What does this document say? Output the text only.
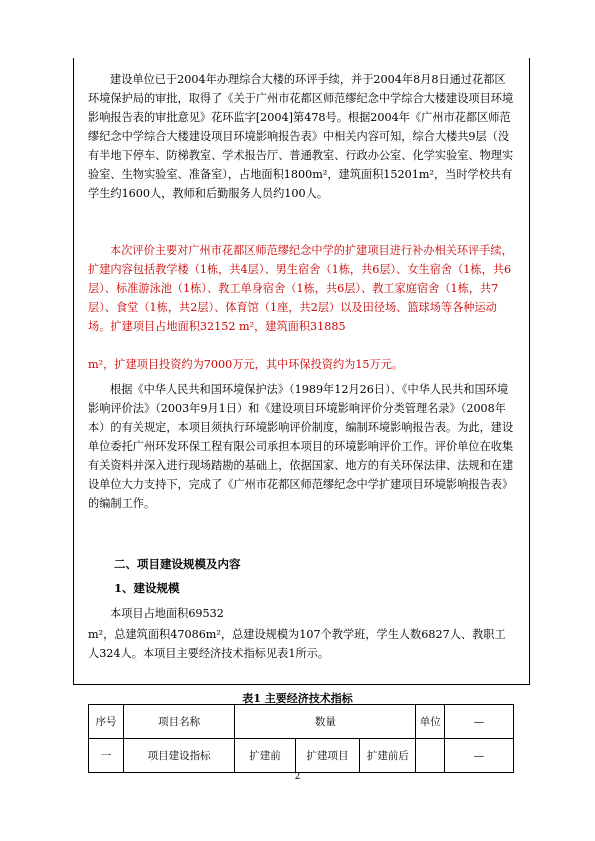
建设单位已于2004年办理综合大楼的环评手续，并于2004年8月8日通过花都区环境保护局的审批，取得了《关于广州市花都区师范缪纪念中学综合大楼建设项目环境影响报告表的审批意见》花环监字[2004]第478号。根据2004年《广州市花都区师范缪纪念中学综合大楼建设项目环境影响报告表》中相关内容可知，综合大楼共9层（没有半地下停车、防梯教室、学术报告厅、普通教室、行政办公室、化学实验室、物理实验室、生物实验室、准备室），占地面积1800m²，建筑面积15201m²，当时学校共有学生约1600人，教师和后勤服务人员约100人。

本次评价主要对广州市花都区师范缪纪念中学的扩建项目进行补办相关环评手续，扩建内容包括教学楼（1栋，共4层）、男生宿舍（1栋，共6层）、女生宿舍（1栋，共6层）、标准游泳池（1栋）、教工单身宿舍（1栋，共6层）、教工家庭宿舍（1栋，共7层）、食堂（1栋，共2层）、体育馆（1座，共2层）以及田径场、篮球场等各种运动场。扩建项目占地面积32152 m²，建筑面积31885

m²，扩建项目投资约为7000万元，其中环保投资约为15万元。

根据《中华人民共和国环境保护法》（1989年12月26日）、《中华人民共和国环境影响评价法》（2003年9月1日）和《建设项目环境影响评价分类管理名录》（2008年本）的有关规定，本项目须执行环境影响评价制度，编制环境影响报告表。为此，建设单位委托广州环发环保工程有限公司承担本项目的环境影响评价工作。评价单位在收集有关资料并深入进行现场踏勘的基础上，依据国家、地方的有关环保法律、法规和在建设单位大力支持下，完成了《广州市花都区师范缪纪念中学扩建项目环境影响报告表》的编制工作。

二、项目建设规模及内容
1、建设规模

本项目占地面积69532

m²，总建筑面积47086m²，总建设规模为107个教学班，学生人数6827人、教职工人324人。本项目主要经济技术指标见表1所示。

表1 主要经济技术指标
序号	项目名称	数量			单位	—
一	项目建设指标	扩建前	扩建项目	扩建前后		—
2
